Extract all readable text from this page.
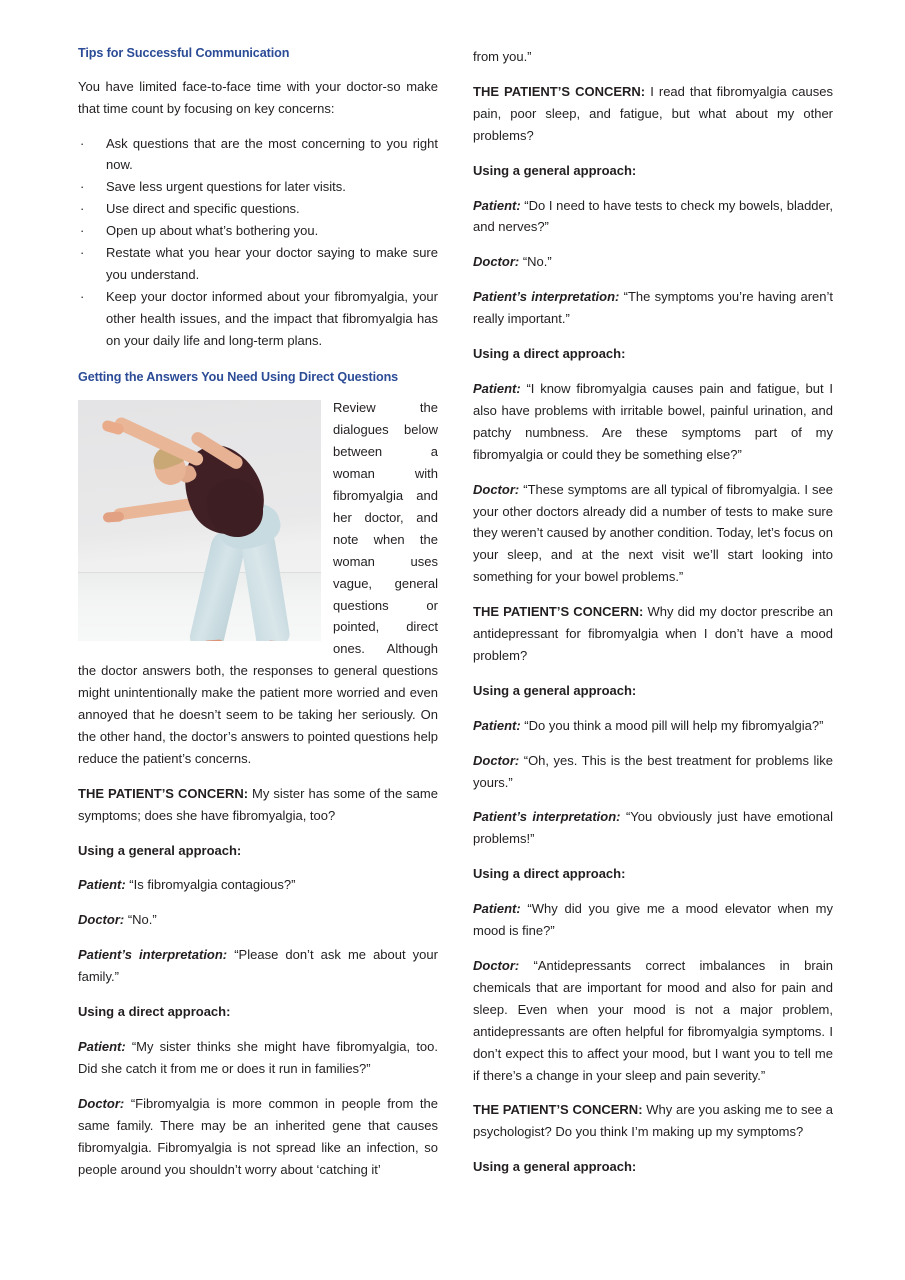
Tips for Successful Communication

You have limited face-to-face time with your doctor-so make that time count by focusing on key concerns:

· Ask questions that are the most concerning to you right now.
· Save less urgent questions for later visits.
· Use direct and specific questions.
· Open up about what’s bothering you.
· Restate what you hear your doctor saying to make sure you understand.
· Keep your doctor informed about your fibromyalgia, your other health issues, and the impact that fibromyalgia has on your daily life and long-term plans.
Getting the Answers You Need Using Direct Questions

Review the dialogues below between a woman with fibromyalgia and her doctor, and note when the woman uses vague, general questions or pointed, direct ones. Although the doctor answers both, the responses to general questions might unintentionally make the patient more worried and even annoyed that he doesn’t seem to be taking her seriously. On the other hand, the doctor’s answers to pointed questions help reduce the patient’s concerns.

THE PATIENT’S CONCERN: My sister has some of the same symptoms; does she have fibromyalgia, too?

Using a general approach:

Patient: “Is fibromyalgia contagious?”

Doctor: “No.”

Patient’s interpretation: “Please don’t ask me about your family.”

Using a direct approach:

Patient: “My sister thinks she might have fibromyalgia, too. Did she catch it from me or does it run in families?”

Doctor: “Fibromyalgia is more common in people from the same family. There may be an inherited gene that causes fibromyalgia. Fibromyalgia is not spread like an infection, so people around you shouldn’t worry about ‘catching it’

from you.”

THE PATIENT’S CONCERN: I read that fibromyalgia causes pain, poor sleep, and fatigue, but what about my other problems?

Using a general approach:

Patient: “Do I need to have tests to check my bowels, bladder, and nerves?”

Doctor: “No.”

Patient’s interpretation: “The symptoms you’re having aren’t really important.”

Using a direct approach:

Patient: “I know fibromyalgia causes pain and fatigue, but I also have problems with irritable bowel, painful urination, and patchy numbness. Are these symptoms part of my fibromyalgia or could they be something else?”

Doctor: “These symptoms are all typical of fibromyalgia. I see your other doctors already did a number of tests to make sure they weren’t caused by another condition. Today, let’s focus on your sleep, and at the next visit we’ll start looking into something for your bowel problems.”

THE PATIENT’S CONCERN: Why did my doctor prescribe an antidepressant for fibromyalgia when I don’t have a mood problem?

Using a general approach:

Patient: “Do you think a mood pill will help my fibromyalgia?”

Doctor: “Oh, yes. This is the best treatment for problems like yours.”

Patient’s interpretation: “You obviously just have emotional problems!”

Using a direct approach:

Patient: “Why did you give me a mood elevator when my mood is fine?”

Doctor: “Antidepressants correct imbalances in brain chemicals that are important for mood and also for pain and sleep. Even when your mood is not a major problem, antidepressants are often helpful for fibromyalgia symptoms. I don’t expect this to affect your mood, but I want you to tell me if there’s a change in your sleep and pain severity.”

THE PATIENT’S CONCERN: Why are you asking me to see a psychologist? Do you think I’m making up my symptoms?

Using a general approach:
